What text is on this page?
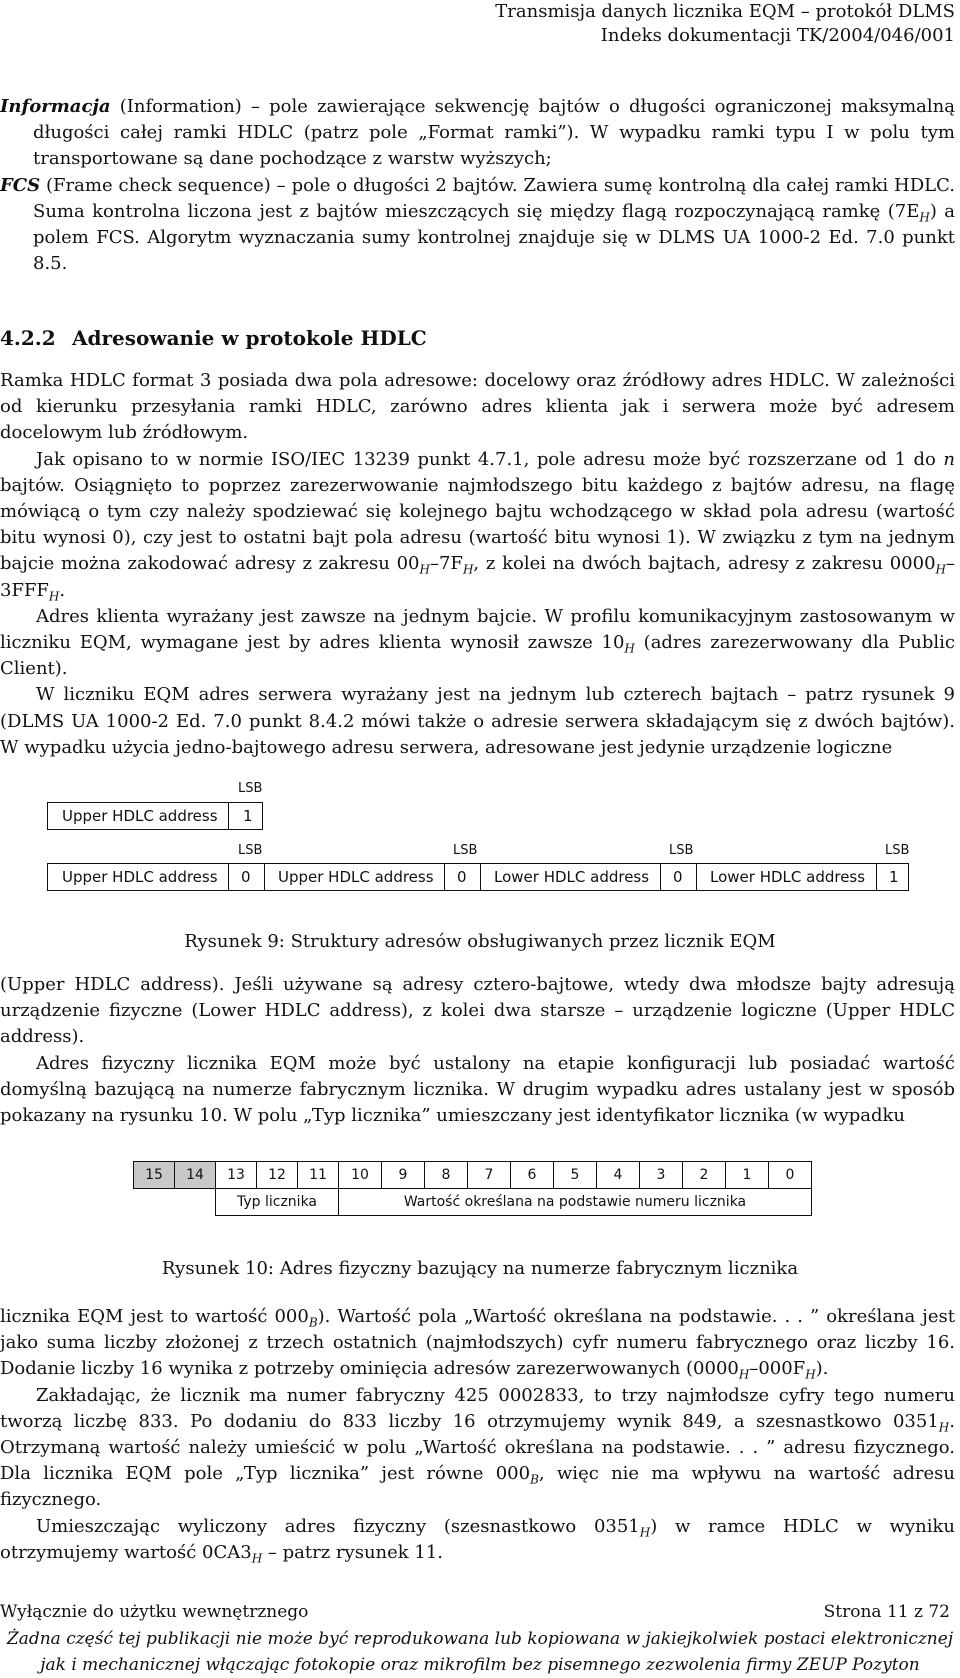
Transmisja danych licznika EQM – protokół DLMS
Indeks dokumentacji TK/2004/046/001

Informacja (Information) – pole zawierające sekwencję bajtów o długości ograniczonej maksymalną długości całej ramki HDLC (patrz pole „Format ramki”). W wypadku ramki typu I w polu tym transportowane są dane pochodzące z warstw wyższych;

FCS (Frame check sequence) – pole o długości 2 bajtów. Zawiera sumę kontrolną dla całej ramki HDLC. Suma kontrolna liczona jest z bajtów mieszczących się między flagą rozpoczynającą ramkę $(7E_H)$ a polem FCS. Algorytm wyznaczania sumy kontrolnej znajduje się w DLMS UA 1000-2 Ed. 7.0 punkt 8.5.

4.2.2 Adresowanie w protokole HDLC

Ramka HDLC format 3 posiada dwa pola adresowe: docelowy oraz źródłowy adres HDLC. W zależności od kierunku przesyłania ramki HDLC, zarówno adres klienta jak i serwera może być adresem docelowym lub źródłowym.

Jak opisano to w normie ISO/IEC 13239 punkt 4.7.1, pole adresu może być rozszerzane od 1 do n bajtów. Osiągnięto to poprzez zarezerwowanie najmłodszego bitu każdego z bajtów adresu, na flagę mówiącą o tym czy należy spodziewać się kolejnego bajtu wchodzącego w skład pola adresu (wartość bitu wynosi 0), czy jest to ostatni bajt pola adresu (wartość bitu wynosi 1). W związku z tym na jednym bajcie można zakodować adresy z zakresu $00_H-7F_H$, z kolei na dwóch bajtach, adresy z zakresu $0000_H-3FFF_H$.

Adres klienta wyrażany jest zawsze na jednym bajcie. W profilu komunikacyjnym zastosowanym w liczniku EQM, wymagane jest by adres klienta wynosił zawsze $10_H$ (adres zarezerwowany dla Public Client).

W liczniku EQM adres serwera wyrażany jest na jednym lub czterech bajtach – patrz rysunek 9 (DLMS UA 1000-2 Ed. 7.0 punkt 8.4.2 mówi także o adresie serwera składającym się z dwóch bajtów). W wypadku użycia jedno-bajtowego adresu serwera, adresowane jest jedynie urządzenie logiczne

LSB
Upper HDLC address 1
LSB	LSB	LSB	LSB
Upper HDLC address 0 Upper HDLC address 0 Lower HDLC address 0 Lower HDLC address 1
Rysunek 9: Struktury adresów obsługiwanych przez licznik EQM

(Upper HDLC address). Jeśli używane są adresy cztero-bajtowe, wtedy dwa młodsze bajty adresują urządzenie fizyczne (Lower HDLC address), z kolei dwa starsze – urządzenie logiczne (Upper HDLC address).

Adres fizyczny licznika EQM może być ustalony na etapie konfiguracji lub posiadać wartość domyślną bazującą na numerze fabrycznym licznika. W drugim wypadku adres ustalany jest w sposób pokazany na rysunku 10. W polu „Typ licznika” umieszczany jest identyfikator licznika (w wypadku

15	14	13	12	11	10	9	8	7	6	5	4	3	2	1	0
		Typ licznika			Wartość określana na podstawie numeru licznika										
Rysunek 10: Adres fizyczny bazujący na numerze fabrycznym licznika

licznika EQM jest to wartość $000_B$). Wartość pola „Wartość określana na podstawie. . . ” określana jest jako suma liczby złożonej z trzech ostatnich (najmłodszych) cyfr numeru fabrycznego oraz liczby 16. Dodanie liczby 16 wynika z potrzeby ominięcia adresów zarezerwowanych $(0000_H-000F_H)$.

Zakładając, że licznik ma numer fabryczny 425 0002833, to trzy najmłodsze cyfry tego numeru tworzą liczbę 833. Po dodaniu do 833 liczby 16 otrzymujemy wynik 849, a szesnastkowo $0351_H$. Otrzymaną wartość należy umieścić w polu „Wartość określana na podstawie. . . ” adresu fizycznego. Dla licznika EQM pole „Typ licznika” jest równe $000_B$, więc nie ma wpływu na wartość adresu fizycznego.

Umieszczając wyliczony adres fizyczny (szesnastkowo $0351_H$) w ramce HDLC w wyniku otrzymujemy wartość $0CA3_H$ – patrz rysunek 11.

Wyłącznie do użytku wewnętrznego	Strona 11 z 72
Żadna część tej publikacji nie może być reprodukowana lub kopiowana w jakiejkolwiek postaci elektronicznej
jak i mechanicznej włączając fotokopie oraz mikrofilm bez pisemnego zezwolenia firmy ZEUP Pozyton
